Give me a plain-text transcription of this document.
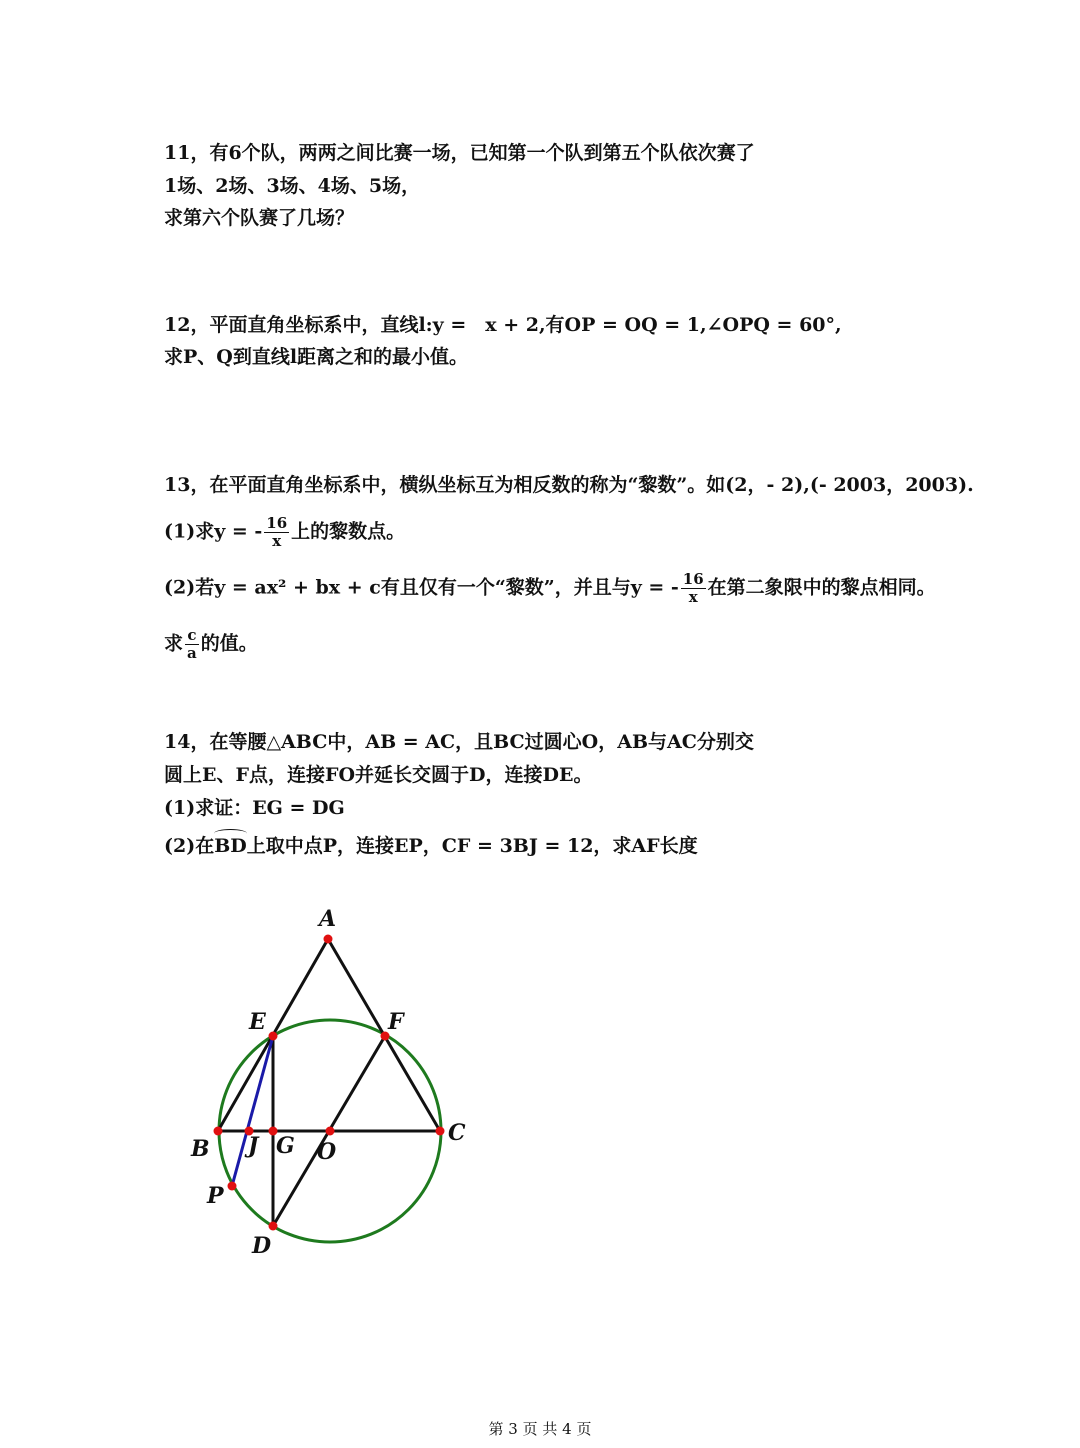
11，有6个队，两两之间比赛一场，已知第一个队到第五个队依次赛了
1场、2场、3场、4场、5场，
求第六个队赛了几场？
12，平面直角坐标系中，直线l:y =　x + 2,有OP = OQ = 1,∠OPQ = 60°,
求P、Q到直线l距离之和的最小值。
13，在平面直角坐标系中，横纵坐标互为相反数的称为“黎数”。如(2，- 2),(- 2003，2003).
(1)求y = - $\frac{16}{x}$ 上的黎数点。
(2)若y = ax² + bx + c有且仅有一个“黎数”，并且与y = - $\frac{16}{x}$ 在第二象限中的黎点相同。
求 $\frac{c}{a}$ 的值。
14，在等腰△ABC中，AB = AC，且BC过圆心O，AB与AC分别交
圆上E、F点，连接FO并延长交圆于D，连接DE。
(1)求证：EG = DG
(2)在BD上取中点P，连接EP，CF = 3BJ = 12，求AF长度
A
E	F
B J G O
C
P
D
第 3 页 共 4 页
